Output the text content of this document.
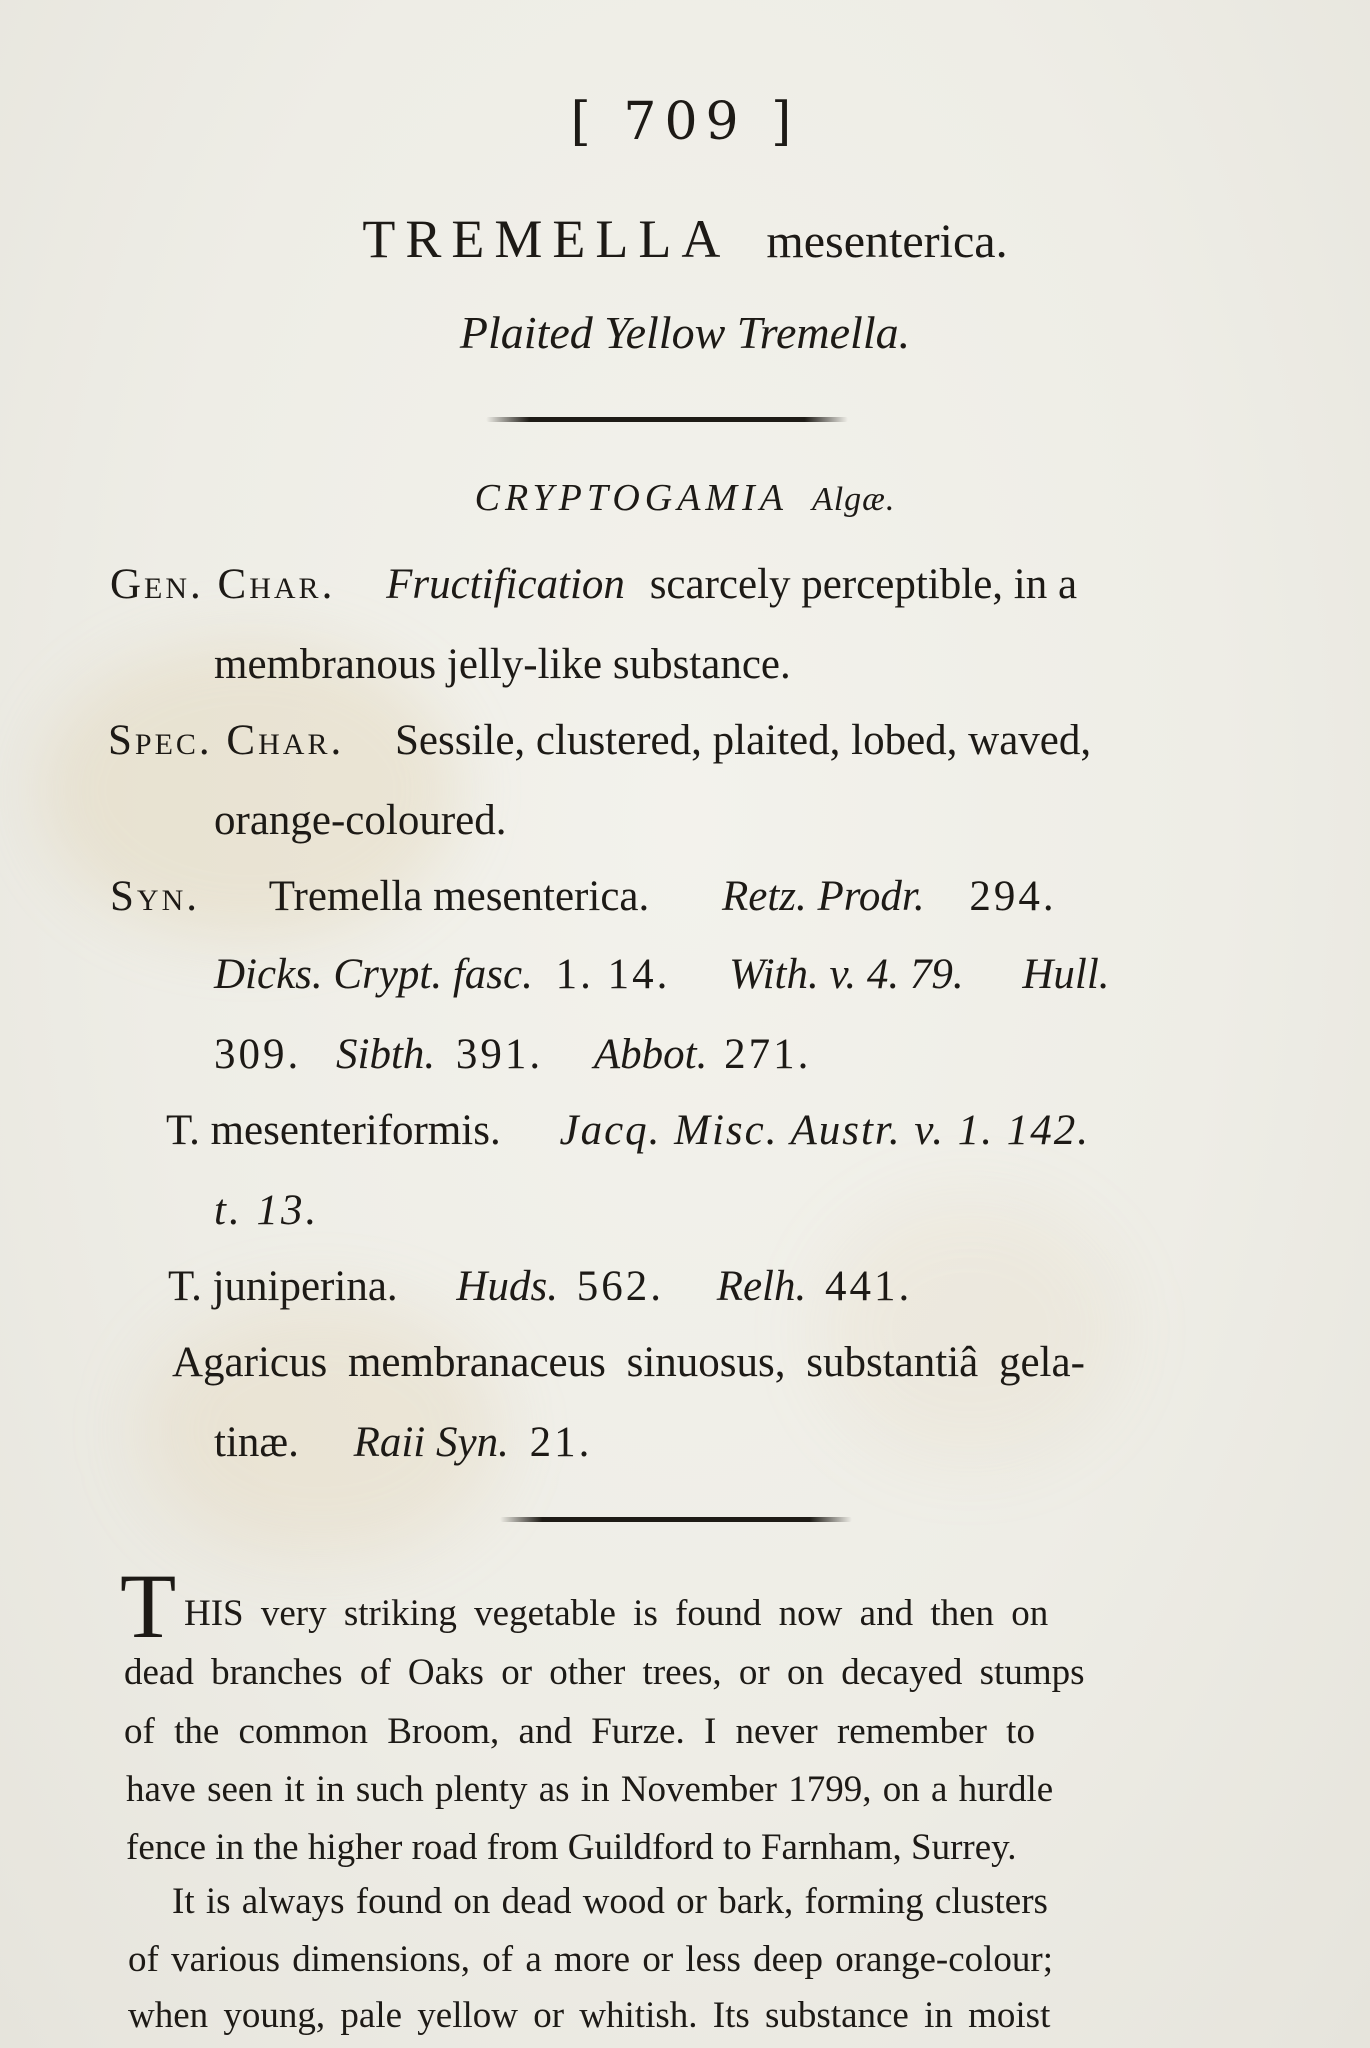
[ 709 ]
TREMELLA mesenterica.
Plaited Yellow Tremella.
CRYPTOGAMIA Algæ.
Gen. Char. Fructification scarcely perceptible, in a
membranous jelly-like substance.
Spec. Char. Sessile, clustered, plaited, lobed, waved,
orange-coloured.
Syn. Tremella mesenterica. Retz. Prodr. 294.
Dicks. Crypt. fasc. 1. 14. With. v. 4. 79. Hull.
309. Sibth. 391. Abbot. 271.
T. mesenteriformis. Jacq. Misc. Austr. v. 1. 142.
t. 13.
T. juniperina. Huds. 562. Relh. 441.
Agaricus membranaceus sinuosus, substantiâ gela-
tinæ. Raii Syn. 21.
T HIS very striking vegetable is found now and then on
dead branches of Oaks or other trees, or on decayed stumps
of the common Broom, and Furze. I never remember to
have seen it in such plenty as in November 1799, on a hurdle
fence in the higher road from Guildford to Farnham, Surrey.
It is always found on dead wood or bark, forming clusters
of various dimensions, of a more or less deep orange-colour;
when young, pale yellow or whitish. Its substance in moist
